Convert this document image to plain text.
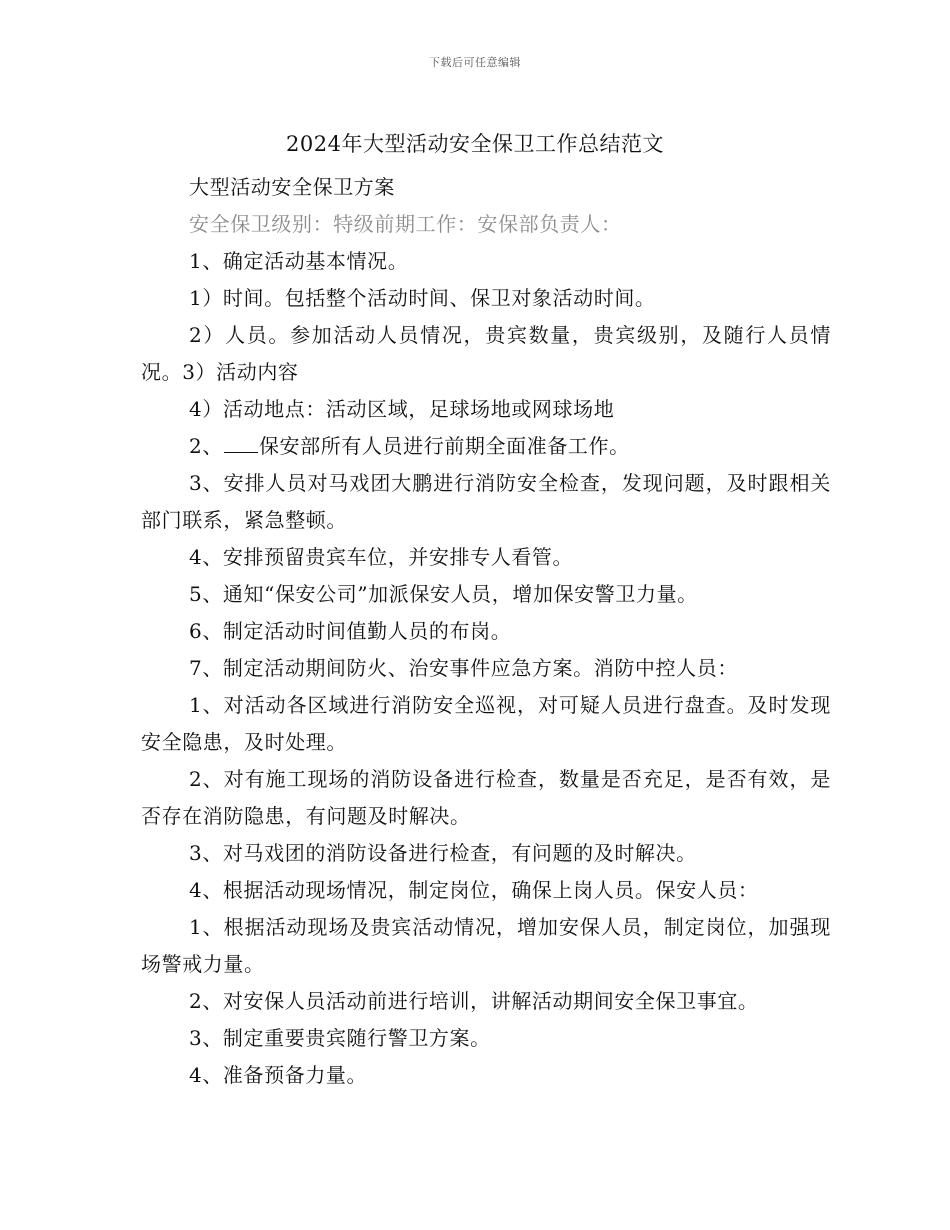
下载后可任意编辑
2024年大型活动安全保卫工作总结范文

大型活动安全保卫方案

安全保卫级别：特级前期工作：安保部负责人：

1、确定活动基本情况。

1）时间。包括整个活动时间、保卫对象活动时间。

2）人员。参加活动人员情况，贵宾数量，贵宾级别，及随行人员情况。3）活动内容

4）活动地点：活动区域，足球场地或网球场地

2、 保安部所有人员进行前期全面准备工作。

3、安排人员对马戏团大鹏进行消防安全检查，发现问题，及时跟相关部门联系，紧急整顿。

4、安排预留贵宾车位，并安排专人看管。

5、通知“保安公司”加派保安人员，增加保安警卫力量。

6、制定活动时间值勤人员的布岗。

7、制定活动期间防火、治安事件应急方案。消防中控人员：

1、对活动各区域进行消防安全巡视，对可疑人员进行盘查。及时发现安全隐患，及时处理。

2、对有施工现场的消防设备进行检查，数量是否充足，是否有效，是否存在消防隐患，有问题及时解决。

3、对马戏团的消防设备进行检查，有问题的及时解决。

4、根据活动现场情况，制定岗位，确保上岗人员。保安人员：

1、根据活动现场及贵宾活动情况，增加安保人员，制定岗位，加强现场警戒力量。

2、对安保人员活动前进行培训，讲解活动期间安全保卫事宜。

3、制定重要贵宾随行警卫方案。

4、准备预备力量。
